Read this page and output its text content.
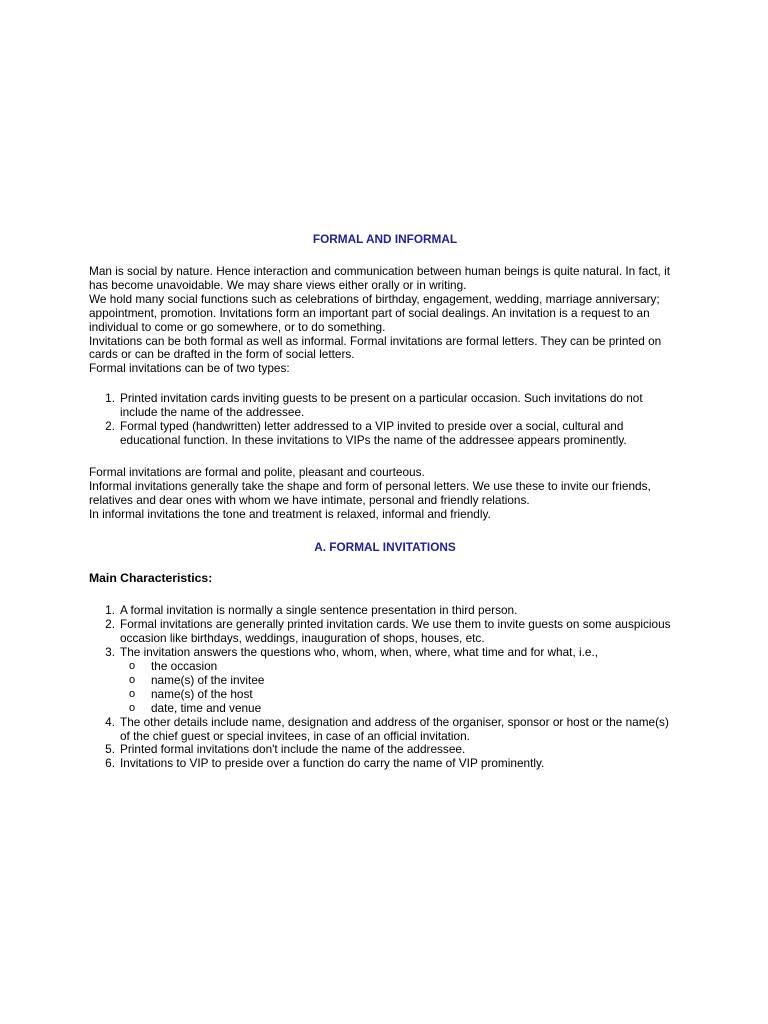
FORMAL AND INFORMAL

Man is social by nature. Hence interaction and communication between human beings is quite natural. In fact, it has become unavoidable. We may share views either orally or in writing.

We hold many social functions such as celebrations of birthday, engagement, wedding, marriage anniversary; appointment, promotion. Invitations form an important part of social dealings. An invitation is a request to an individual to come or go somewhere, or to do something.

Invitations can be both formal as well as informal. Formal invitations are formal letters. They can be printed on cards or can be drafted in the form of social letters.

Formal invitations can be of two types:

1. Printed invitation cards inviting guests to be present on a particular occasion. Such invitations do not include the name of the addressee.
2. Formal typed (handwritten) letter addressed to a VIP invited to preside over a social, cultural and educational function. In these invitations to VIPs the name of the addressee appears prominently.

Formal invitations are formal and polite, pleasant and courteous.

Informal invitations generally take the shape and form of personal letters. We use these to invite our friends, relatives and dear ones with whom we have intimate, personal and friendly relations.

In informal invitations the tone and treatment is relaxed, informal and friendly.

A. FORMAL INVITATIONS

Main Characteristics:

1. A formal invitation is normally a single sentence presentation in third person.
2. Formal invitations are generally printed invitation cards. We use them to invite guests on some auspicious occasion like birthdays, weddings, inauguration of shops, houses, etc.
3. The invitation answers the questions who, whom, when, where, what time and for what, i.e.,
o the occasion
o name(s) of the invitee
o name(s) of the host
o date, time and venue
4. The other details include name, designation and address of the organiser, sponsor or host or the name(s) of the chief guest or special invitees, in case of an official invitation.
5. Printed formal invitations don't include the name of the addressee.
6. Invitations to VIP to preside over a function do carry the name of VIP prominently.
